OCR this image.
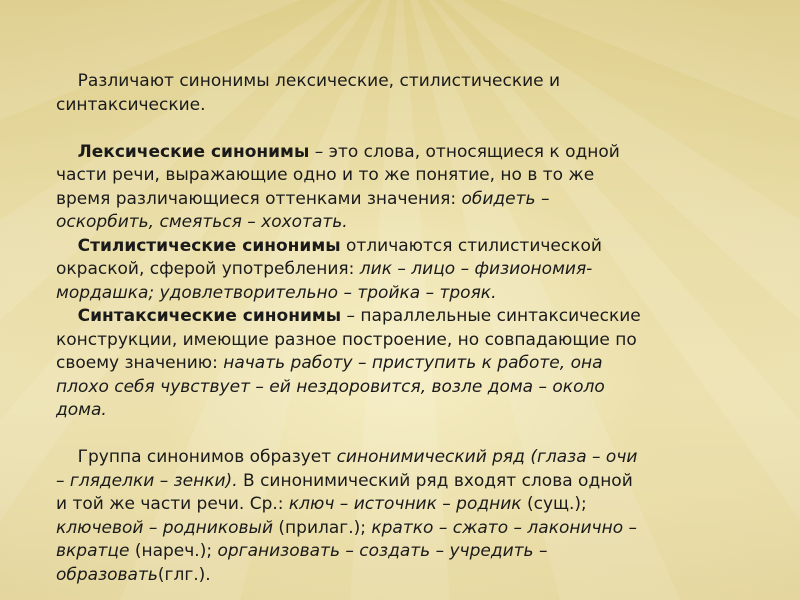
Различают синонимы лексические, стилистические и
синтаксические.
Лексические синонимы – это слова, относящиеся к одной
части речи, выражающие одно и то же понятие, но в то же
время различающиеся оттенками значения: обидеть –
оскорбить, смеяться – хохотать.
Стилистические синонимы отличаются стилистической
окраской, сферой употребления: лик – лицо – физиономия-
мордашка; удовлетворительно – тройка – трояк.
Синтаксические синонимы – параллельные синтаксические
конструкции, имеющие разное построение, но совпадающие по
своему значению: начать работу – приступить к работе, она
плохо себя чувствует – ей нездоровится, возле дома – около
дома.
Группа синонимов образует синонимический ряд (глаза – очи
– гляделки – зенки). В синонимический ряд входят слова одной
и той же части речи. Ср.: ключ – источник – родник (сущ.);
ключевой – родниковый (прилаг.); кратко – сжато – лаконично –
вкратце (нареч.); организовать – создать – учредить –
образовать(глг.).
